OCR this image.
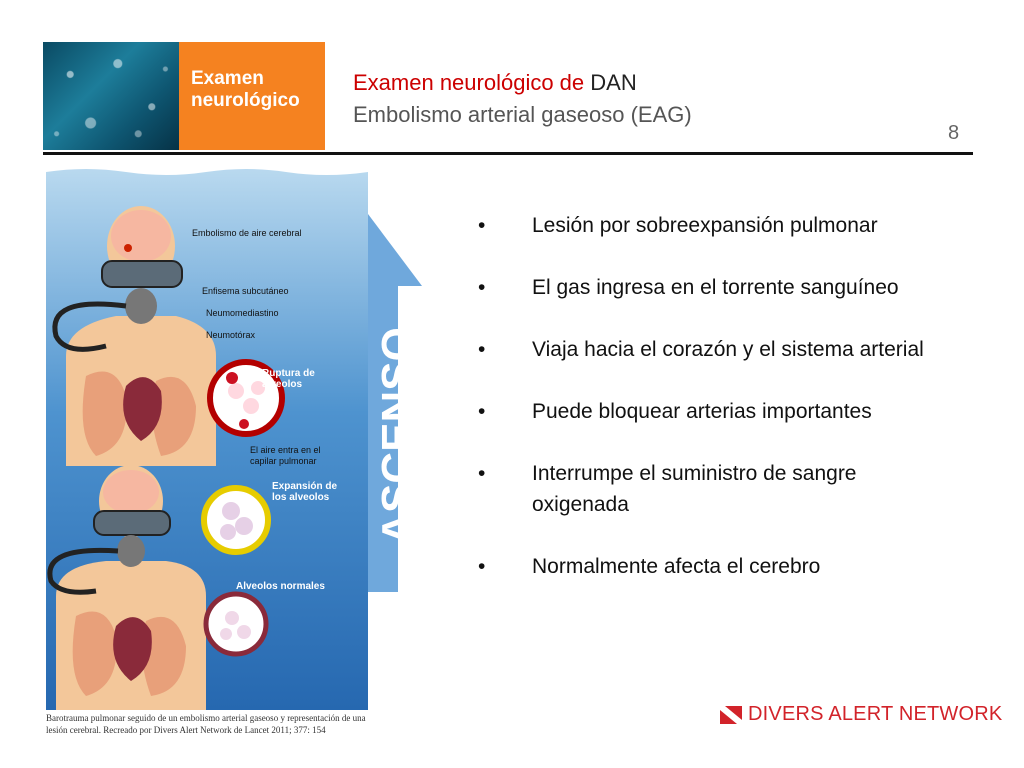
Examen
neurológico
Examen neurológico de DAN
Embolismo arterial gaseoso (EAG)
8
ASCENSO
Embolismo de aire cerebral
Enfisema subcutáneo
Neumomediastino
Neumotórax
El aire entra en el
capilar pulmonar
Ruptura de
alveolos
Expansión de
los alveolos
Alveolos normales
Barotrauma pulmonar seguido de un embolismo arterial gaseoso y representación de una lesión cerebral. Recreado por Divers Alert Network de Lancet 2011; 377: 154
• Lesión por sobreexpansión pulmonar
• El gas ingresa en el torrente sanguíneo
• Viaja hacia el corazón y el sistema arterial
• Puede bloquear arterias importantes
• Interrumpe el suministro de sangre oxigenada
• Normalmente afecta el cerebro
DIVERS ALERT NETWORK
